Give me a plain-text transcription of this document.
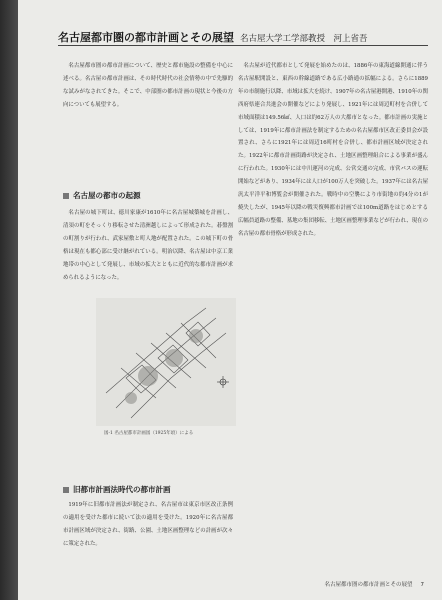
名古屋都市圏の都市計画とその展望 名古屋大学工学部教授　河上省吾

名古屋都市圏の都市計画について、歴史と都市施設の整備を中心に述べる。名古屋の都市計画は、その時代時代の社会情勢の中で先駆的な試みがなされてきた。そこで、中部圏の都市計画の現状と今後の方向についても展望する。

名古屋の都市の起源

名古屋の城下町は、徳川家康が1610年に名古屋城築城を計画し、清須の町をそっくり移転させた清洲越しによって形成された。碁盤割の町割りが行われ、武家屋敷と町人地が配置された。この城下町の骨格は現在も都心部に受け継がれている。明治以降、名古屋は中京工業地帯の中心として発展し、市域の拡大とともに近代的な都市計画が求められるようになった。

図-1 名古屋都市計画図（1925年頃）による
旧都市計画法時代の都市計画

1919年に旧都市計画法が制定され、名古屋市は東京市区改正条例の適用を受けた都市に続いて法の適用を受けた。1920年に名古屋都市計画区域が決定され、街路、公園、土地区画整理などの計画が次々に策定された。

名古屋が近代都市として発展を始めたのは、1886年の東海道線開通に伴う名古屋駅開設と、東西の幹線道路である広小路通の拡幅による。さらに1889年の市制施行以降、市域は拡大を続け、1907年の名古屋港開港、1910年の関西府県連合共進会の開催などにより発展し、1921年には周辺町村を合併して市域面積は149.56㎢、人口は約62万人の大都市となった。都市計画の実施としては、1919年に都市計画法を制定するための名古屋都市区改正委員会が設置され、さらに1921年には周辺16町村を合併し、都市計画区域が決定された。1922年に都市計画街路が決定され、土地区画整理組合による事業が盛んに行われた。1930年には中川運河の完成、公営交通の完成、市営バスの運転開始などがあり、1934年には人口が100万人を突破した。1937年には名古屋汎太平洋平和博覧会が開催された。戦時中の空襲により市街地の約4分の1が焼失したが、1945年以降の戦災復興都市計画では100m道路をはじめとする広幅員道路の整備、墓地の集団移転、土地区画整理事業などが行われ、現在の名古屋の都市骨格が形成された。

名古屋都市圏の都市計画とその展望 7
